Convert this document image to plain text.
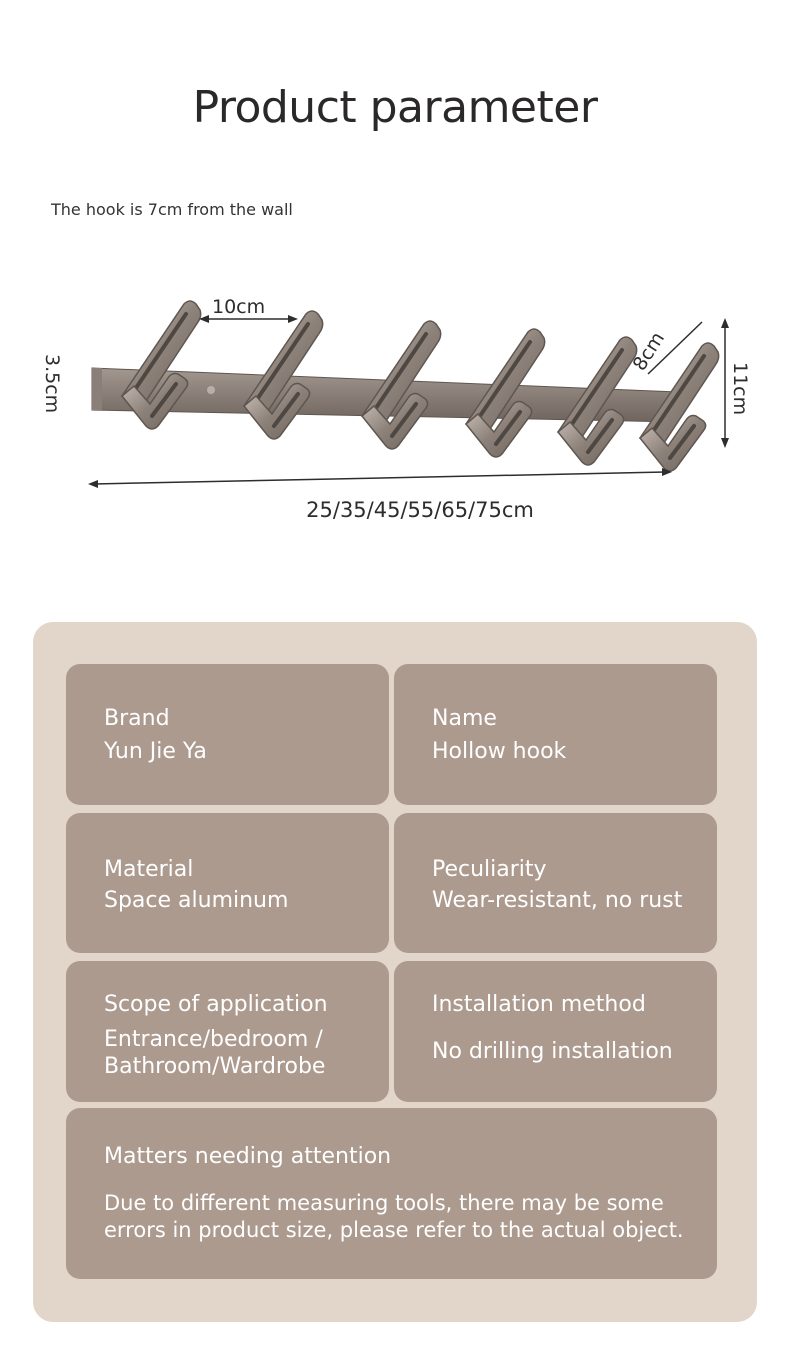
Product parameter
The hook is 7cm from the wall
10cm
3.5cm
8cm
11cm
25/35/45/55/65/75cm
Brand
Yun Jie Ya
Name
Hollow hook
Material
Space aluminum
Peculiarity
Wear-resistant, no rust
Scope of application
Entrance/bedroom /
Bathroom/Wardrobe
Installation method
No drilling installation
Matters needing attention
Due to different measuring tools, there may be some
errors in product size, please refer to the actual object.
